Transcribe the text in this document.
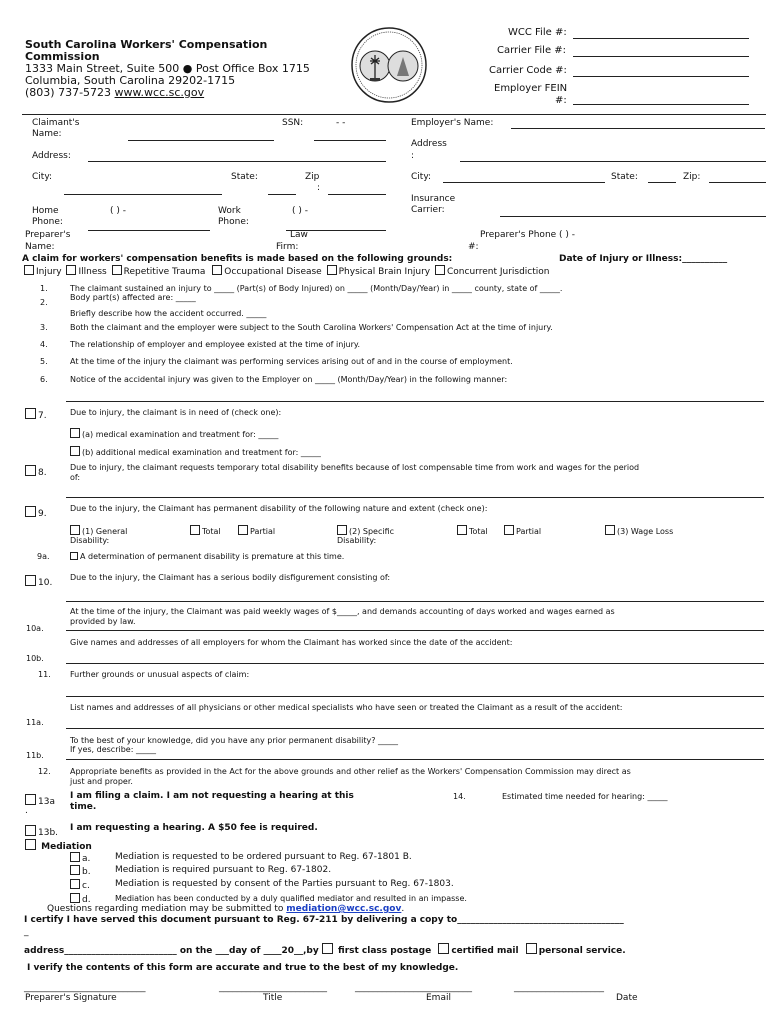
South Carolina Workers' Compensation
Commission
1333 Main Street, Suite 500 ● Post Office Box 1715
Columbia, South Carolina 29202-1715
(803) 737-5723 www.wcc.sc.gov
WCC File #:
Carrier File #:
Carrier Code #:
Employer FEIN
#:
Claimant's
Name:
SSN:	- -	Employer's Name:
Address:
Address
:
City:	State:	Zip
:
City:	State:	Zip:
Insurance
Carrier:
Home
Phone:
( ) -	Work
Phone:
( ) -
Preparer's
Name:
Law
Firm:
Preparer's Phone ( ) -
#:
A claim for workers' compensation benefits is made based on the following grounds:	Date of Injury or Illness:__________
Injury Illness Repetitive Trauma Occupational Disease Physical Brain Injury Concurrent Jurisdiction
1.	The claimant sustained an injury to _____ (Part(s) of Body Injured) on _____ (Month/Day/Year) in _____ county, state of _____.
2.
Body part(s) affected are: _____
Briefly describe how the accident occurred. _____
3.	Both the claimant and the employer were subject to the South Carolina Workers' Compensation Act at the time of injury.
4.	The relationship of employer and employee existed at the time of injury.
5.	At the time of the injury the claimant was performing services arising out of and in the course of employment.
6.	Notice of the accidental injury was given to the Employer on _____ (Month/Day/Year) in the following manner:
7.	Due to injury, the claimant is in need of (check one):
(a) medical examination and treatment for: _____
(b) additional medical examination and treatment for: _____
8.
Due to injury, the claimant requests temporary total disability benefits because of lost compensable time from work and wages for the period
of:
9.
Due to the injury, the Claimant has permanent disability of the following nature and extent (check one):
(1) General
Disability:
Total	Partial	(2) Specific
Disability:
Total	Partial	(3) Wage Loss
9a.	A determination of permanent disability is premature at this time.
10.
Due to the injury, the Claimant has a serious bodily disfigurement consisting of:
At the time of the injury, the Claimant was paid weekly wages of $_____, and demands accounting of days worked and wages earned as
provided by law.
10a.
Give names and addresses of all employers for whom the Claimant has worked since the date of the accident:
10b.
11. Further grounds or unusual aspects of claim:
List names and addresses of all physicians or other medical specialists who have seen or treated the Claimant as a result of the accident:
11a.
To the best of your knowledge, did you have any prior permanent disability? _____
If yes, describe: _____
11b.
12. Appropriate benefits as provided in the Act for the above grounds and other relief as the Workers' Compensation Commission may direct as
just and proper.
13a
.
I am filing a claim. I am not requesting a hearing at this
time.
14.	Estimated time needed for hearing: _____
13b. I am requesting a hearing. A $50 fee is required.
Mediation
a.	Mediation is requested to be ordered pursuant to Reg. 67-1801 B.
b.	Mediation is required pursuant to Reg. 67-1802.
c.	Mediation is requested by consent of the Parties pursuant to Reg. 67-1803.
d.	Mediation has been conducted by a duly qualified mediator and resulted in an impasse.
Questions regarding mediation may be submitted to mediation@wcc.sc.gov.
I certify I have served this document pursuant to Reg. 67-211 by delivering a copy to_____________________________________
_
address_________________________ on the ___day of ____20__,by first class postage certified mail personal service.
I verify the contents of this form are accurate and true to the best of my knowledge.
___________________________	________________________	__________________________	____________________
Preparer's Signature	Title	Email	Date
